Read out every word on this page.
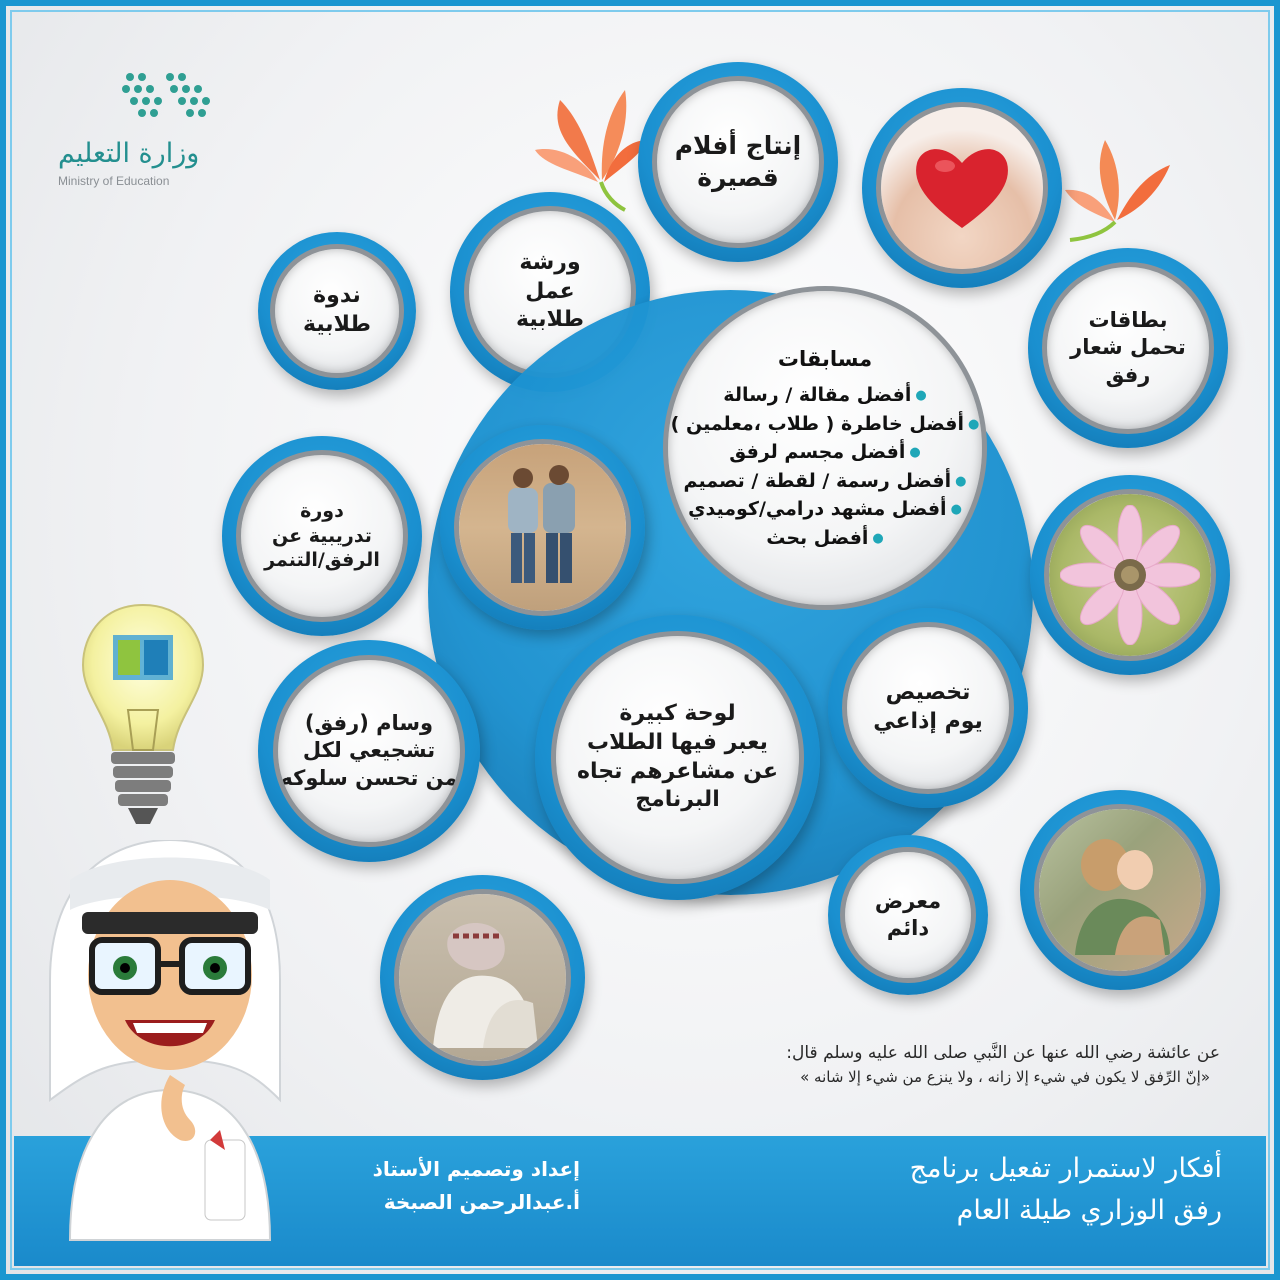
وزارة التعليم
Ministry of Education
إنتاج أفلام
قصيرة
ورشة
عمل
طلابية
ندوة
طلابية	بطاقات
تحمل شعار
رفق
مسابقات
● أفضل مقالة / رسالة
● أفضل خاطرة ( طلاب ،معلمين )
● أفضل مجسم لرفق
● أفضل رسمة / لقطة / تصميم
● أفضل مشهد درامي/كوميدي
● أفضل بحث
دورة
تدريبية عن
الرفق/التنمر
تخصيص
يوم إذاعي
لوحة كبيرة
يعبر فيها الطلاب
عن مشاعرهم تجاه
البرنامج
وسام (رفق)
تشجيعي لكل
من تحسن سلوكه
معرض
دائم
عن عائشة رضي الله عنها عن النَّبي صلى الله عليه وسلم قال:
«إنّ الرِّفق لا يكون في شيء إلا زانه ، ولا ينزع من شيء إلا شانه »
أفكار لاستمرار تفعيل برنامج
رفق الوزاري طيلة العام
إعداد وتصميم الأستاذ
أ.عبدالرحمن الصبخة
